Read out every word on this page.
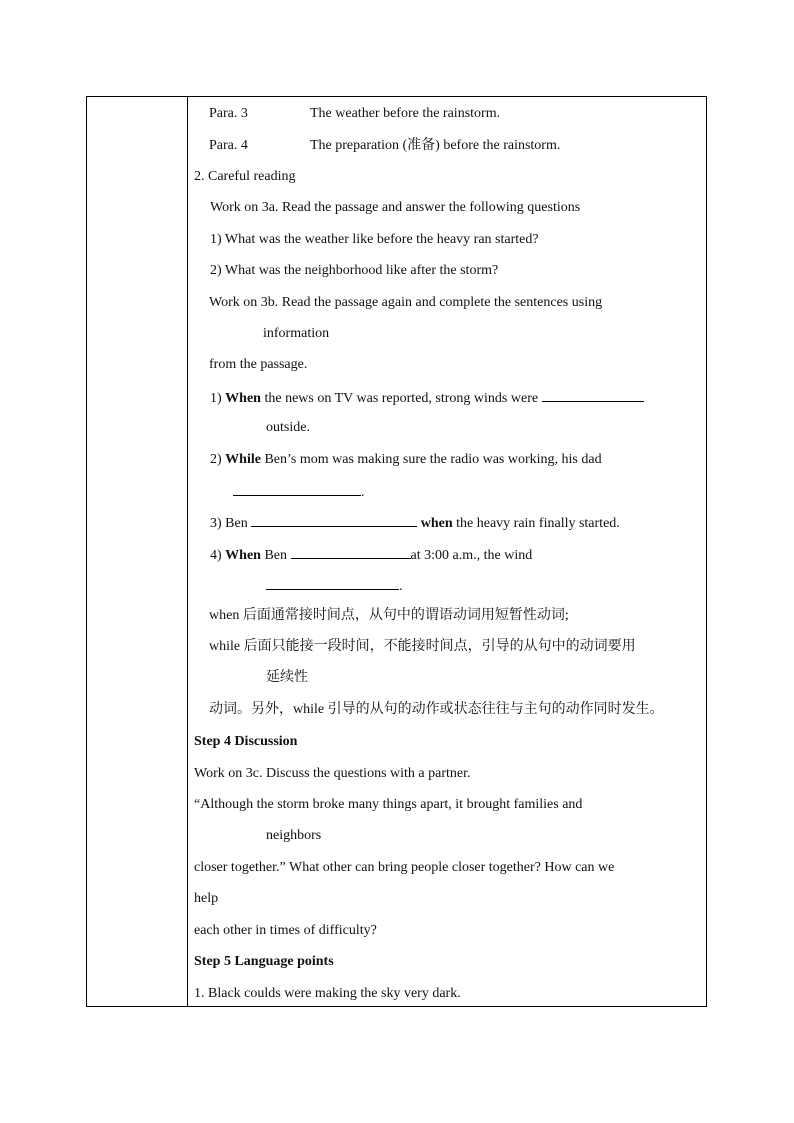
Para. 3	The weather before the rainstorm.
Para. 4	The preparation (准备) before the rainstorm.
2. Careful reading
Work on 3a. Read the passage and answer the following questions
1) What was the weather like before the heavy ran started?
2) What was the neighborhood like after the storm?
Work on 3b. Read the passage again and complete the sentences using
information
from the passage.
1) When the news on TV was reported, strong winds were
outside.
2) While Ben’s mom was making sure the radio was working, his dad
.
3) Ben	when the heavy rain finally started.
4) When Ben	at 3:00 a.m., the wind
.
when 后面通常接时间点，从句中的谓语动词用短暂性动词;
while 后面只能接一段时间，不能接时间点，引导的从句中的动词要用
延续性
动词。另外，while 引导的从句的动作或状态往往与主句的动作同时发生。
Step 4 Discussion
Work on 3c. Discuss the questions with a partner.
“Although the storm broke many things apart, it brought families and
neighbors
closer together.” What other can bring people closer together? How can we
help
each other in times of difficulty?
Step 5 Language points
1. Black coulds were making the sky very dark.
